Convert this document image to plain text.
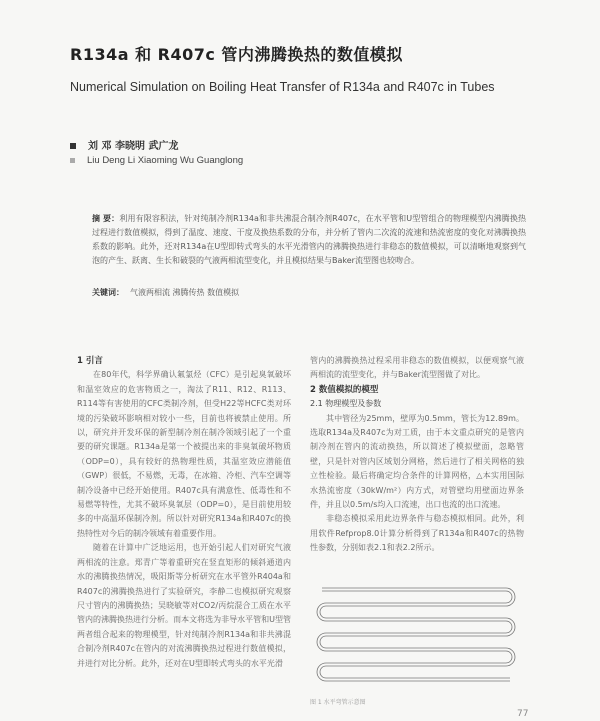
R134a 和 R407c 管内沸腾换热的数值模拟
Numerical Simulation on Boiling Heat Transfer of R134a and R407c in Tubes
刘 邓 李晓明 武广龙
Liu Deng Li Xiaoming Wu Guanglong
摘 要：利用有限容积法，针对纯制冷剂R134a和非共沸混合制冷剂R407c，在水平管和U型管组合的物理模型内沸腾换热过程进行数值模拟，得到了温度、速度、干度及换热系数的分布，并分析了管内二次流的流速和热流密度的变化对沸腾换热系数的影响。此外，还对R134a在U型即转式弯头的水平光滑管内的沸腾换热进行非稳态的数值模拟，可以清晰地观察到气泡的产生、跃离、生长和破裂的气液两相流型变化，并且模拟结果与Baker流型图也较吻合。
关键词： 气液两相流 沸腾传热 数值模拟
1 引言

在80年代，科学界确认氟氯烃（CFC）是引起臭氧破坏和温室效应的危害物质之一，淘汰了R11、R12、R113、R114等有害使用的CFC类制冷剂，但受H22等HCFC类对环境的污染破坏影响相对较小一些，目前也将被禁止使用。所以，研究并开发环保的新型制冷剂在制冷领域引起了一个重要的研究课题。R134a是第一个被提出来的非臭氧破坏物质（ODP=0），具有较好的热物理性质，其温室效应潜能值（GWP）很低，不易燃，无毒，在冰箱、冷柜、汽车空调等制冷设备中已经开始使用。R407c具有满意性、低毒性和不易燃等特性，尤其不破坏臭氧层（ODP=0），是目前使用较多的中高温环保制冷剂。所以针对研究R134a和R407c的换热特性对今后的制冷领域有着重要作用。

随着在计算中广泛地运用，也开始引起人们对研究气液两相流的注意。郑青广等着重研究在竖直矩形的倾斜通道内水的沸腾换热情况，吸阳斯等分析研究在水平管外R404a和R407c的沸腾换热进行了实验研究，李静二也模拟研究观察尺寸管内的沸腾换热；吴晓敏等对CO2/丙烷混合工质在水平管内的沸腾换热进行分析。而本文将选为非导水平管和U型管两者组合起来的物理模型，针对纯制冷剂R134a和非共沸混合制冷剂R407c在管内的对流沸腾换热过程进行数值模拟，并进行对比分析。此外，还对在U型即转式弯头的水平光滑

管内的沸腾换热过程采用非稳态的数值模拟，以便观察气液两相流的流型变化，并与Baker流型图做了对比。

2 数值模拟的模型
2.1 物理模型及参数

其中管径为25mm，壁厚为0.5mm，管长为12.89m。选取R134a及R407c为对工质，由于本文重点研究的是管内制冷剂在管内的流动换热，所以简述了模拟壁面，忽略管壁，只是针对管内区域划分网格，然后进行了相关网格的独立性检验。最后将确定均合条件的计算网格，△本实用国际水热流密度（30kW/m²）内方式，对管壁均用壁面边界条件，并且以0.5m/s均入口流速，出口也流的出口流速。

非稳态模拟采用此边界条件与稳态模拟相同。此外，利用软件Refprop8.0计算分析得到了R134a和R407c的热物性参数，分别如表2.1和表2.2所示。

图 1 水平弯管示意图
77
